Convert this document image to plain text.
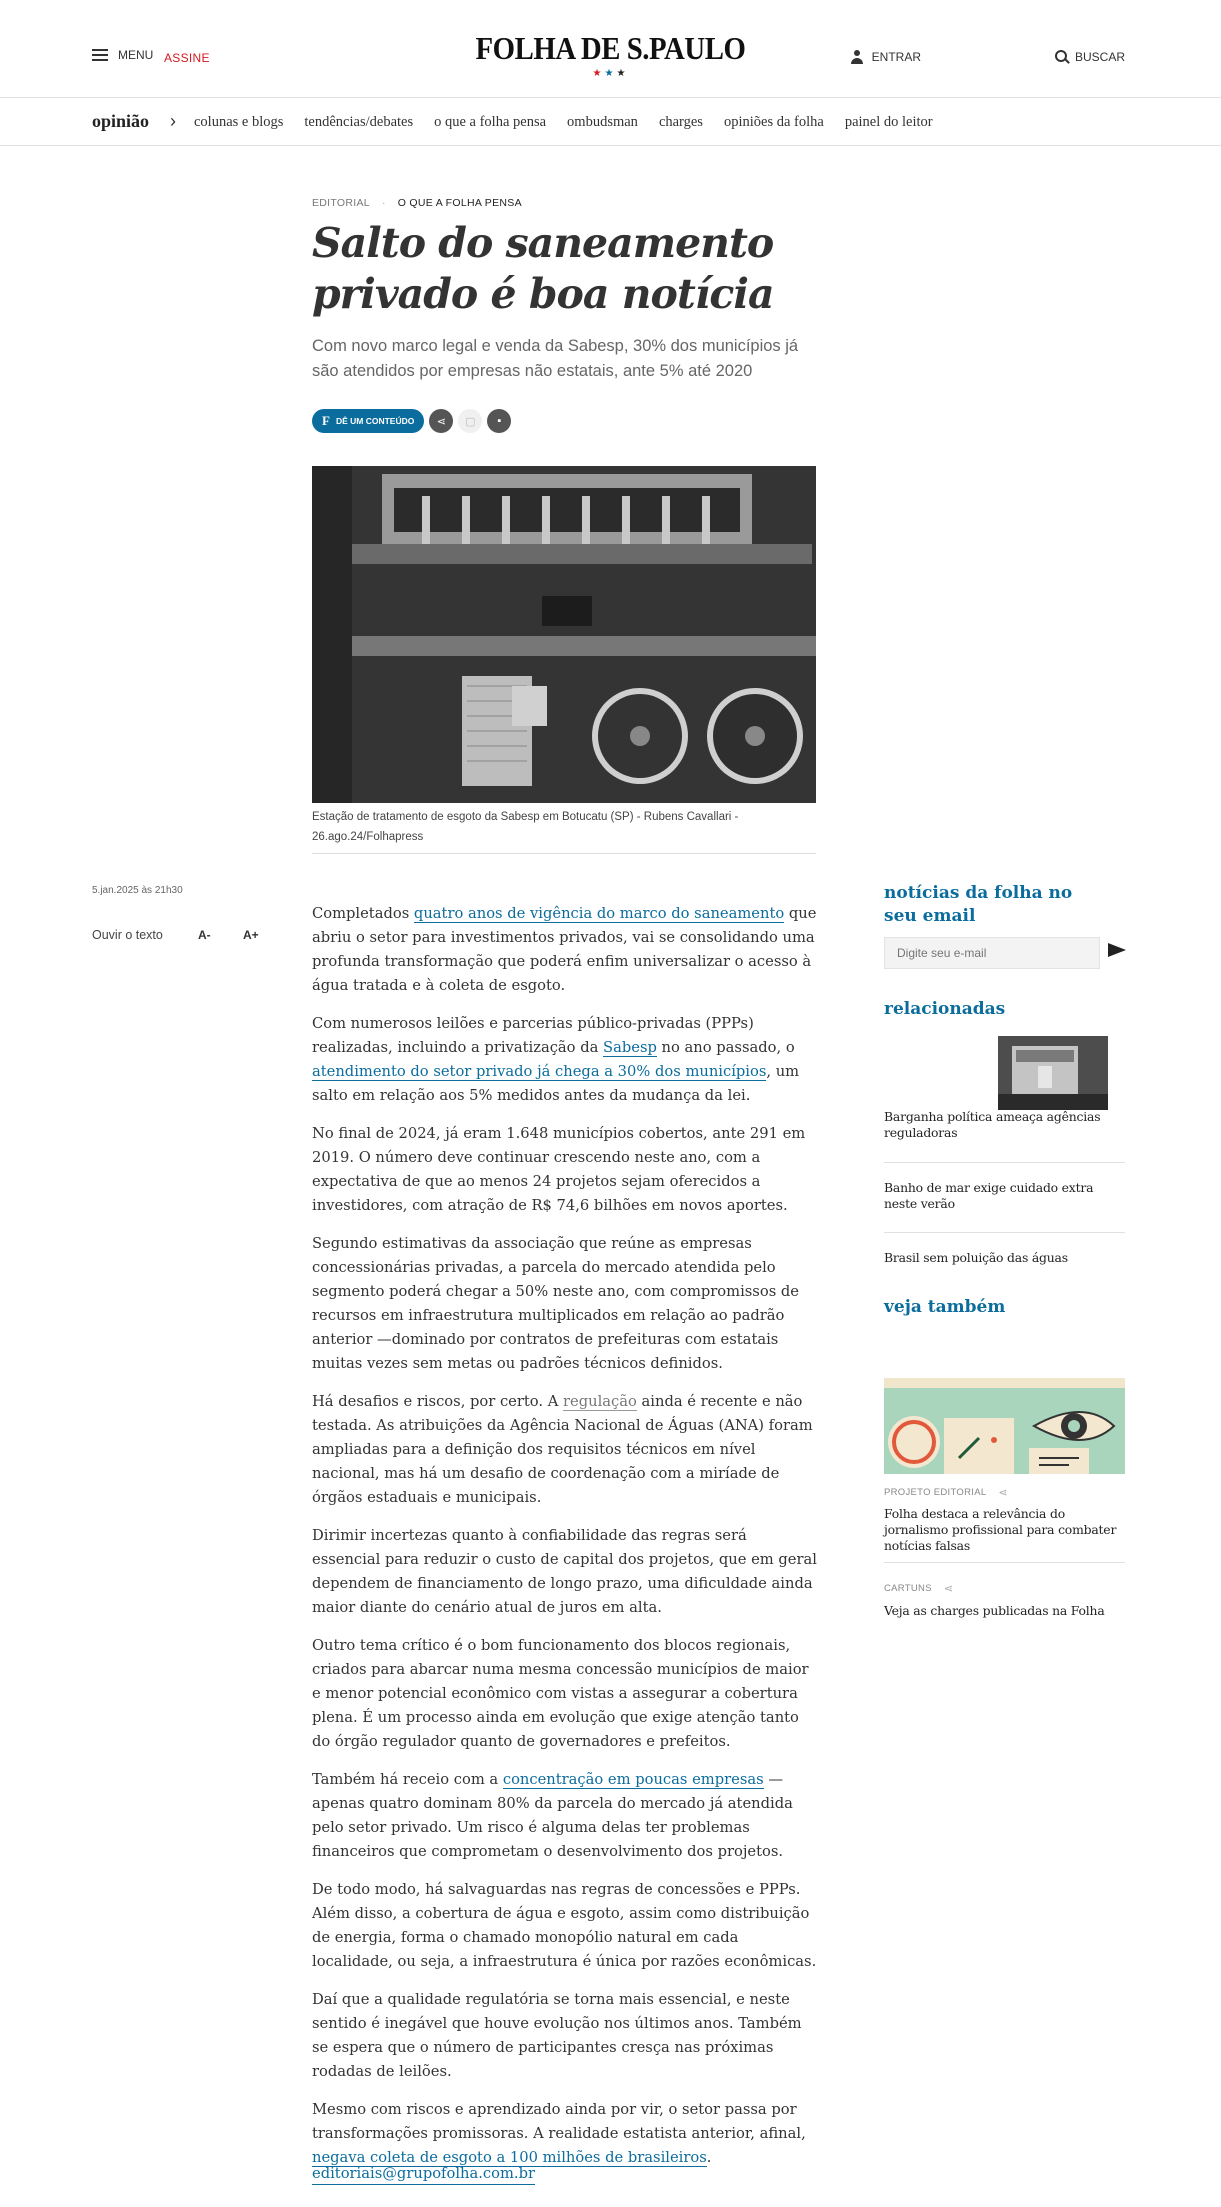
MENU ASSINE	FOLHA DE S.PAULO
★★★
ENTRAR	BUSCAR
opinião › colunas e blogs tendências/debates o que a folha pensa ombudsman charges opiniões da folha painel do leitor
EDITORIAL · O QUE A FOLHA PENSA
Salto do saneamento privado é boa notícia

Com novo marco legal e venda da Sabesp, 30% dos municípios já são atendidos por empresas não estatais, ante 5% até 2020

F DÊ UM CONTEÚDO ⋖ ▢ ▪

Estação de tratamento de esgoto da Sabesp em Botucatu (SP) - Rubens Cavallari - 26.ago.24/Folhapress

5.jan.2025 às 21h30
Ouvir o texto	A-	A+

Completados quatro anos de vigência do marco do saneamento que abriu o setor para investimentos privados, vai se consolidando uma profunda transformação que poderá enfim universalizar o acesso à água tratada e à coleta de esgoto.

Com numerosos leilões e parcerias público-privadas (PPPs) realizadas, incluindo a privatização da Sabesp no ano passado, o atendimento do setor privado já chega a 30% dos municípios, um salto em relação aos 5% medidos antes da mudança da lei.

No final de 2024, já eram 1.648 municípios cobertos, ante 291 em 2019. O número deve continuar crescendo neste ano, com a expectativa de que ao menos 24 projetos sejam oferecidos a investidores, com atração de R$ 74,6 bilhões em novos aportes.

Segundo estimativas da associação que reúne as empresas concessionárias privadas, a parcela do mercado atendida pelo segmento poderá chegar a 50% neste ano, com compromissos de recursos em infraestrutura multiplicados em relação ao padrão anterior —dominado por contratos de prefeituras com estatais muitas vezes sem metas ou padrões técnicos definidos.

Há desafios e riscos, por certo. A regulação ainda é recente e não testada. As atribuições da Agência Nacional de Águas (ANA) foram ampliadas para a definição dos requisitos técnicos em nível nacional, mas há um desafio de coordenação com a miríade de órgãos estaduais e municipais.

Dirimir incertezas quanto à confiabilidade das regras será essencial para reduzir o custo de capital dos projetos, que em geral dependem de financiamento de longo prazo, uma dificuldade ainda maior diante do cenário atual de juros em alta.

Outro tema crítico é o bom funcionamento dos blocos regionais, criados para abarcar numa mesma concessão municípios de maior e menor potencial econômico com vistas a assegurar a cobertura plena. É um processo ainda em evolução que exige atenção tanto do órgão regulador quanto de governadores e prefeitos.

Também há receio com a concentração em poucas empresas —apenas quatro dominam 80% da parcela do mercado já atendida pelo setor privado. Um risco é alguma delas ter problemas financeiros que comprometam o desenvolvimento dos projetos.

De todo modo, há salvaguardas nas regras de concessões e PPPs. Além disso, a cobertura de água e esgoto, assim como distribuição de energia, forma o chamado monopólio natural em cada localidade, ou seja, a infraestrutura é única por razões econômicas.

Daí que a qualidade regulatória se torna mais essencial, e neste sentido é inegável que houve evolução nos últimos anos. Também se espera que o número de participantes cresça nas próximas rodadas de leilões.

Mesmo com riscos e aprendizado ainda por vir, o setor passa por transformações promissoras. A realidade estatista anterior, afinal, negava coleta de esgoto a 100 milhões de brasileiros.

editoriais@grupofolha.com.br
notícias da folha no seu email
Digite seu e-mail
relacionadas
Barganha política ameaça agências reguladoras
Banho de mar exige cuidado extra neste verão
Brasil sem poluição das águas
veja também
PROJETO EDITORIAL ⋖
Folha destaca a relevância do jornalismo profissional para combater notícias falsas
CARTUNS ⋖
Veja as charges publicadas na Folha
